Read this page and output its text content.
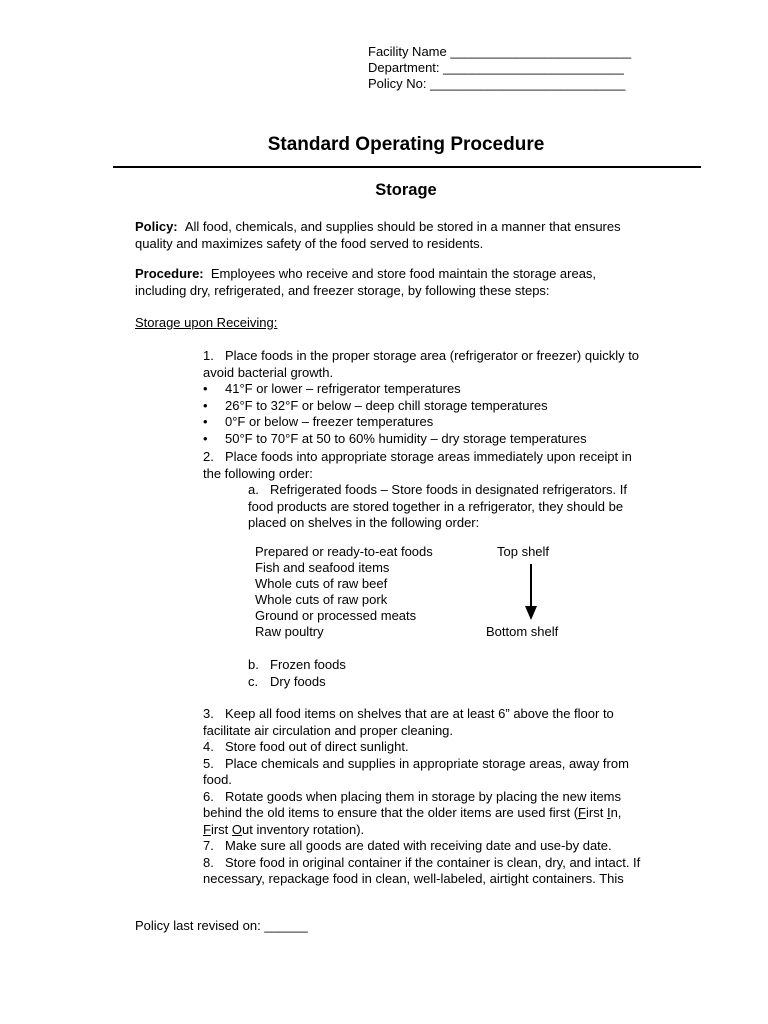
Facility Name _________________________
Department: _________________________
Policy No: ___________________________
Standard Operating Procedure
Storage
Policy: All food, chemicals, and supplies should be stored in a manner that ensures
quality and maximizes safety of the food served to residents.
Procedure: Employees who receive and store food maintain the storage areas,
including dry, refrigerated, and freezer storage, by following these steps:
Storage upon Receiving:
1. Place foods in the proper storage area (refrigerator or freezer) quickly to
avoid bacterial growth.
• 41°F or lower – refrigerator temperatures
• 26°F to 32°F or below – deep chill storage temperatures
• 0°F or below – freezer temperatures
• 50°F to 70°F at 50 to 60% humidity – dry storage temperatures
2. Place foods into appropriate storage areas immediately upon receipt in
the following order:
a. Refrigerated foods – Store foods in designated refrigerators. If
food products are stored together in a refrigerator, they should be
placed on shelves in the following order:
Prepared or ready-to-eat foods
Fish and seafood items
Whole cuts of raw beef
Whole cuts of raw pork
Ground or processed meats
Raw poultry
Top shelf
Bottom shelf
b. Frozen foods
c. Dry foods
3. Keep all food items on shelves that are at least 6” above the floor to
facilitate air circulation and proper cleaning.
4. Store food out of direct sunlight.
5. Place chemicals and supplies in appropriate storage areas, away from
food.
6. Rotate goods when placing them in storage by placing the new items
behind the old items to ensure that the older items are used first (First In,
First Out inventory rotation).
7. Make sure all goods are dated with receiving date and use-by date.
8. Store food in original container if the container is clean, dry, and intact. If
necessary, repackage food in clean, well-labeled, airtight containers. This
Policy last revised on: ______
